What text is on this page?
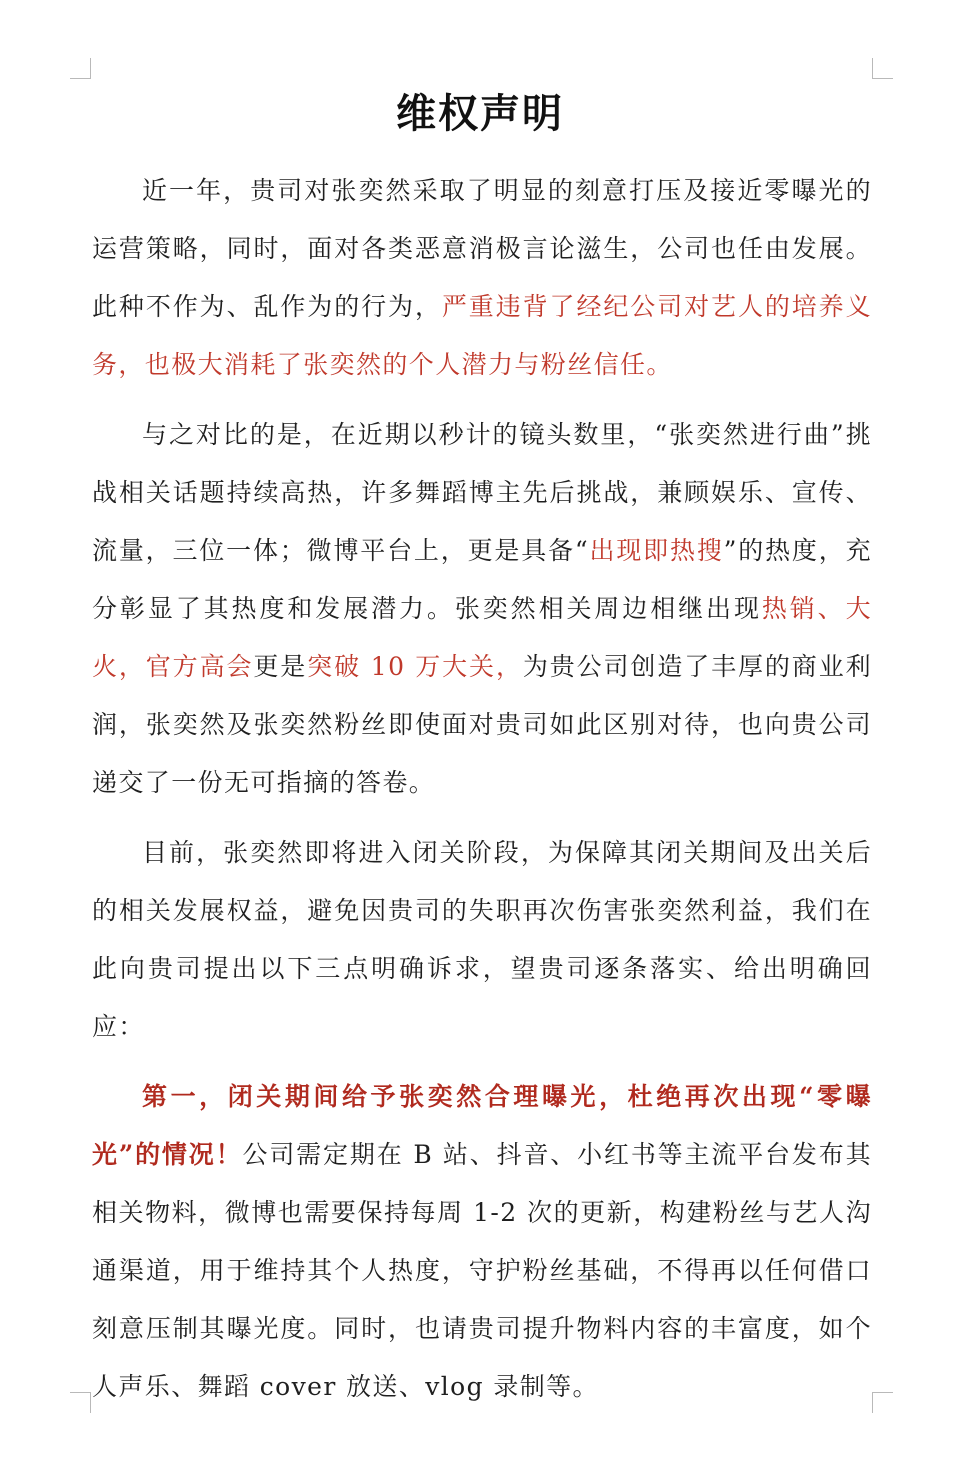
维权声明

近一年，贵司对张奕然采取了明显的刻意打压及接近零曝光的运营策略，同时，面对各类恶意消极言论滋生，公司也任由发展。此种不作为、乱作为的行为，严重违背了经纪公司对艺人的培养义务，也极大消耗了张奕然的个人潜力与粉丝信任。

与之对比的是，在近期以秒计的镜头数里，“张奕然进行曲”挑战相关话题持续高热，许多舞蹈博主先后挑战，兼顾娱乐、宣传、流量，三位一体；微博平台上，更是具备“出现即热搜”的热度，充分彰显了其热度和发展潜力。张奕然相关周边相继出现热销、大火，官方高会更是突破 10 万大关，为贵公司创造了丰厚的商业利润，张奕然及张奕然粉丝即使面对贵司如此区别对待，也向贵公司递交了一份无可指摘的答卷。

目前，张奕然即将进入闭关阶段，为保障其闭关期间及出关后的相关发展权益，避免因贵司的失职再次伤害张奕然利益，我们在此向贵司提出以下三点明确诉求，望贵司逐条落实、给出明确回应：

第一，闭关期间给予张奕然合理曝光，杜绝再次出现“零曝光”的情况！公司需定期在 B 站、抖音、小红书等主流平台发布其相关物料，微博也需要保持每周 1-2 次的更新，构建粉丝与艺人沟通渠道，用于维持其个人热度，守护粉丝基础，不得再以任何借口刻意压制其曝光度。同时，也请贵司提升物料内容的丰富度，如个人声乐、舞蹈 cover 放送、vlog 录制等。
